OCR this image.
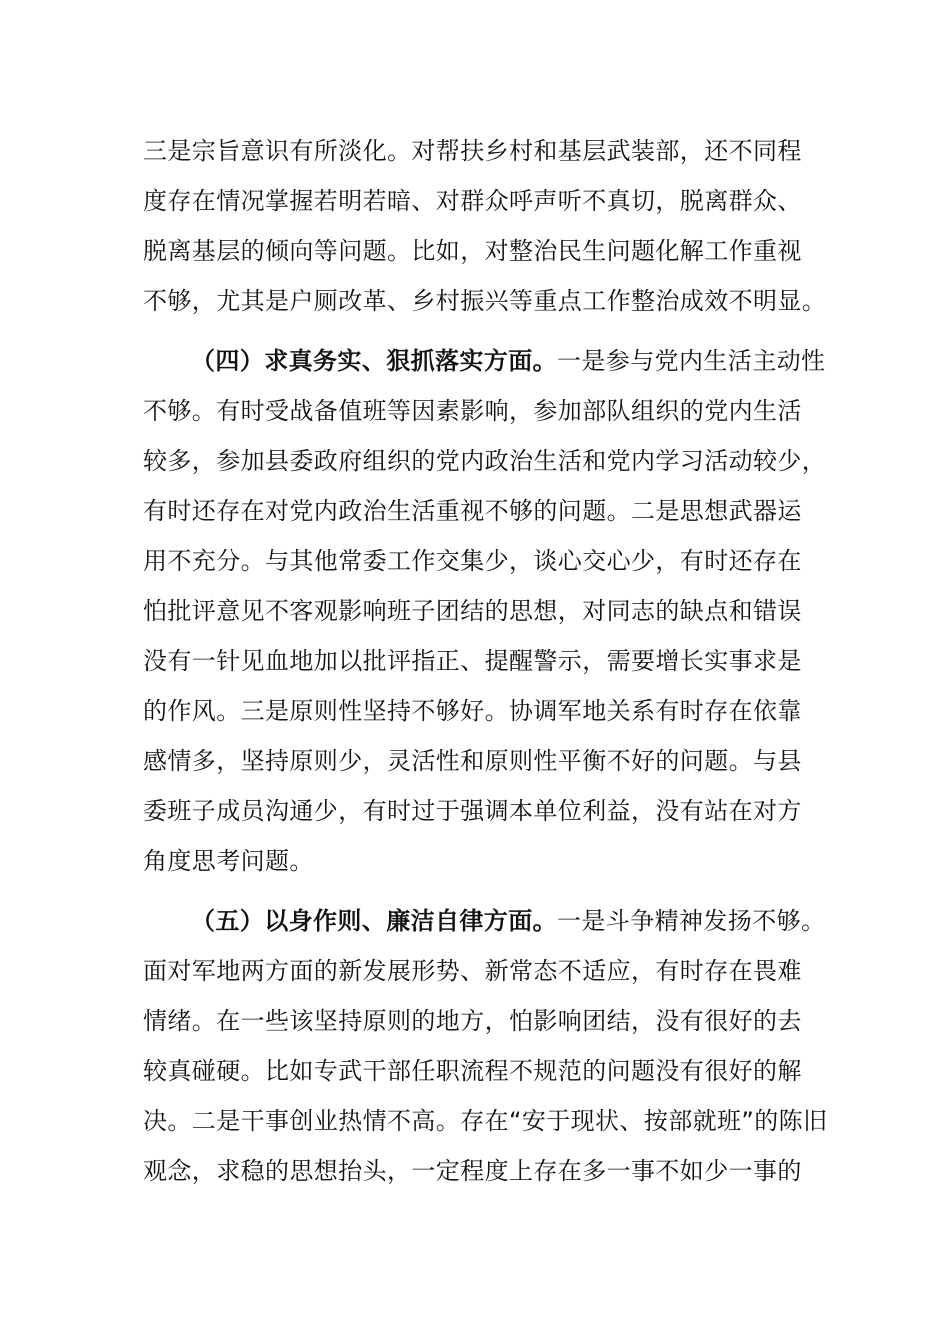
三是宗旨意识有所淡化。对帮扶乡村和基层武装部，还不同程
度存在情况掌握若明若暗、对群众呼声听不真切，脱离群众、
脱离基层的倾向等问题。比如，对整治民生问题化解工作重视
不够，尤其是户厕改革、乡村振兴等重点工作整治成效不明显。
（四）求真务实、狠抓落实方面。一是参与党内生活主动性
不够。有时受战备值班等因素影响，参加部队组织的党内生活
较多，参加县委政府组织的党内政治生活和党内学习活动较少，
有时还存在对党内政治生活重视不够的问题。二是思想武器运
用不充分。与其他常委工作交集少，谈心交心少，有时还存在
怕批评意见不客观影响班子团结的思想，对同志的缺点和错误
没有一针见血地加以批评指正、提醒警示，需要增长实事求是
的作风。三是原则性坚持不够好。协调军地关系有时存在依靠
感情多，坚持原则少，灵活性和原则性平衡不好的问题。与县
委班子成员沟通少，有时过于强调本单位利益，没有站在对方
角度思考问题。
（五）以身作则、廉洁自律方面。一是斗争精神发扬不够。
面对军地两方面的新发展形势、新常态不适应，有时存在畏难
情绪。在一些该坚持原则的地方，怕影响团结，没有很好的去
较真碰硬。比如专武干部任职流程不规范的问题没有很好的解
决。二是干事创业热情不高。存在“安于现状、按部就班”的陈旧
观念，求稳的思想抬头，一定程度上存在多一事不如少一事的
